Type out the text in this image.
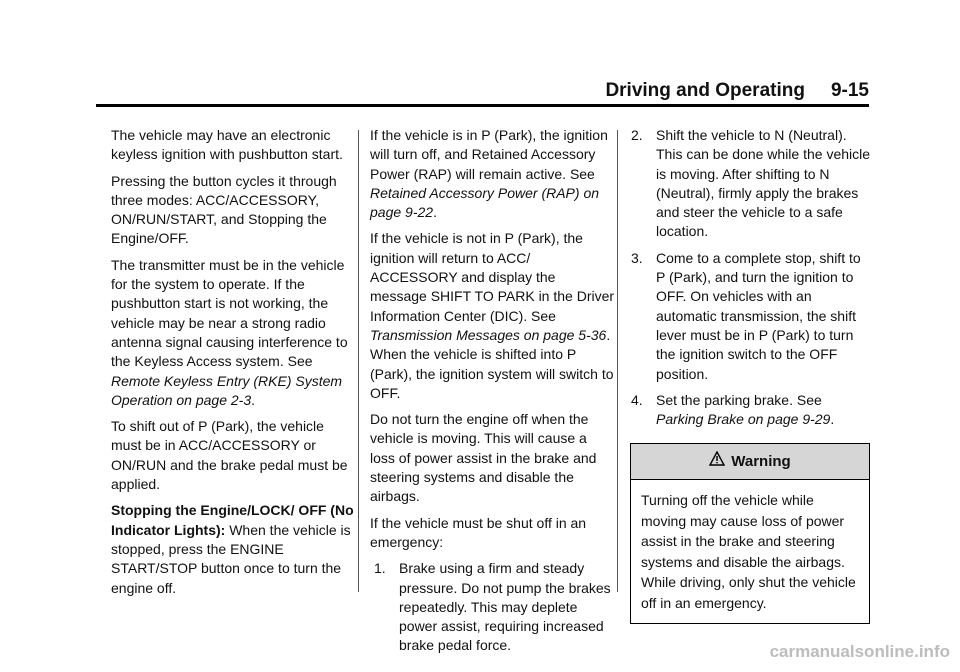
Driving and Operating 9-15

The vehicle may have an electronic keyless ignition with pushbutton start.

Pressing the button cycles it through three modes: ACC/ACCESSORY, ON/RUN/START, and Stopping the Engine/OFF.

The transmitter must be in the vehicle for the system to operate. If the pushbutton start is not working, the vehicle may be near a strong radio antenna signal causing interference to the Keyless Access system. See Remote Keyless Entry (RKE) System Operation on page 2-3.

To shift out of P (Park), the vehicle must be in ACC/ACCESSORY or ON/RUN and the brake pedal must be applied.

Stopping the Engine/LOCK/ OFF (No Indicator Lights): When the vehicle is stopped, press the ENGINE START/STOP button once to turn the engine off.

If the vehicle is in P (Park), the ignition will turn off, and Retained Accessory Power (RAP) will remain active. See Retained Accessory Power (RAP) on page 9-22.

If the vehicle is not in P (Park), the ignition will return to ACC/ ACCESSORY and display the message SHIFT TO PARK in the Driver Information Center (DIC). See Transmission Messages on page 5-36. When the vehicle is shifted into P (Park), the ignition system will switch to OFF.

Do not turn the engine off when the vehicle is moving. This will cause a loss of power assist in the brake and steering systems and disable the airbags.

If the vehicle must be shut off in an emergency:

1. Brake using a firm and steady pressure. Do not pump the brakes repeatedly. This may deplete power assist, requiring increased brake pedal force.
2. Shift the vehicle to N (Neutral). This can be done while the vehicle is moving. After shifting to N (Neutral), firmly apply the brakes and steer the vehicle to a safe location.
3. Come to a complete stop, shift to P (Park), and turn the ignition to OFF. On vehicles with an automatic transmission, the shift lever must be in P (Park) to turn the ignition switch to the OFF position.
4. Set the parking brake. See Parking Brake on page 9-29.
Warning
Turning off the vehicle while moving may cause loss of power assist in the brake and steering systems and disable the airbags. While driving, only shut the vehicle off in an emergency.
carmanualsonline.info
